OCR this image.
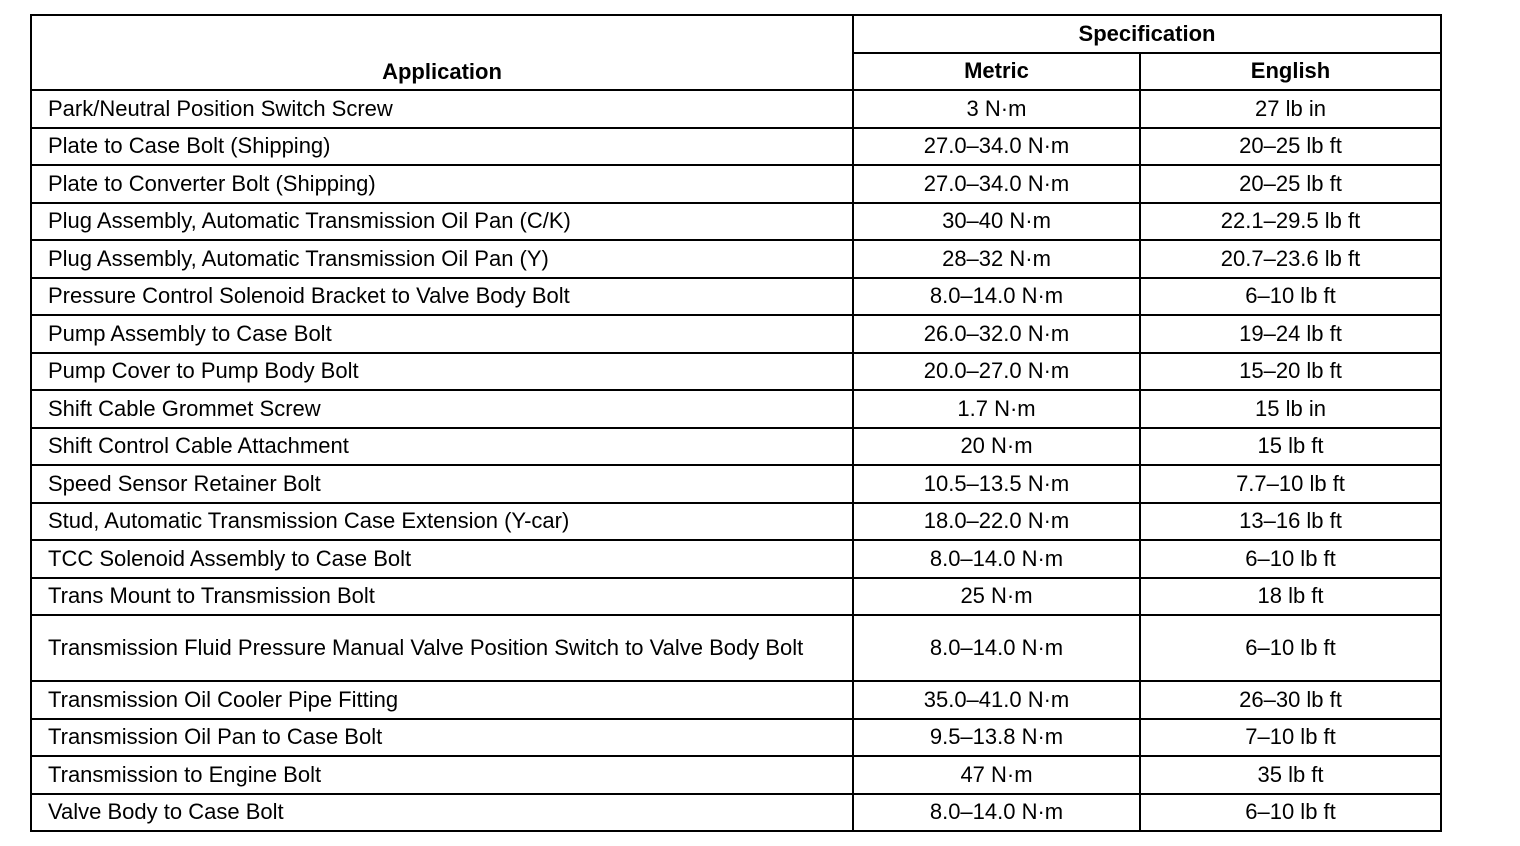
Application	Specification	
	Metric	English
Park/Neutral Position Switch Screw	3 N·m	27 lb in
Plate to Case Bolt (Shipping)	27.0–34.0 N·m	20–25 lb ft
Plate to Converter Bolt (Shipping)	27.0–34.0 N·m	20–25 lb ft
Plug Assembly, Automatic Transmission Oil Pan (C/K)	30–40 N·m	22.1–29.5 lb ft
Plug Assembly, Automatic Transmission Oil Pan (Y)	28–32 N·m	20.7–23.6 lb ft
Pressure Control Solenoid Bracket to Valve Body Bolt	8.0–14.0 N·m	6–10 lb ft
Pump Assembly to Case Bolt	26.0–32.0 N·m	19–24 lb ft
Pump Cover to Pump Body Bolt	20.0–27.0 N·m	15–20 lb ft
Shift Cable Grommet Screw	1.7 N·m	15 lb in
Shift Control Cable Attachment	20 N·m	15 lb ft
Speed Sensor Retainer Bolt	10.5–13.5 N·m	7.7–10 lb ft
Stud, Automatic Transmission Case Extension (Y-car)	18.0–22.0 N·m	13–16 lb ft
TCC Solenoid Assembly to Case Bolt	8.0–14.0 N·m	6–10 lb ft
Trans Mount to Transmission Bolt	25 N·m	18 lb ft
Transmission Fluid Pressure Manual Valve Position Switch to Valve Body Bolt	8.0–14.0 N·m	6–10 lb ft
Transmission Oil Cooler Pipe Fitting	35.0–41.0 N·m	26–30 lb ft
Transmission Oil Pan to Case Bolt	9.5–13.8 N·m	7–10 lb ft
Transmission to Engine Bolt	47 N·m	35 lb ft
Valve Body to Case Bolt	8.0–14.0 N·m	6–10 lb ft
